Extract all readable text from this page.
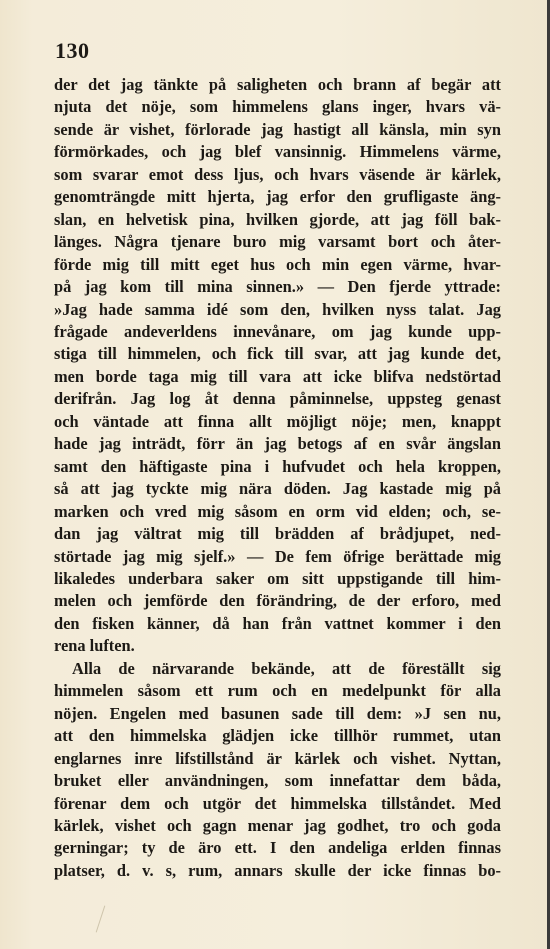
130

der det jag tänkte på saligheten och brann af begär att
njuta det nöje, som himmelens glans inger, hvars vä-
sende är vishet, förlorade jag hastigt all känsla, min syn
förmörkades, och jag blef vansinnig. Himmelens värme,
som svarar emot dess ljus, och hvars väsende är kärlek,
genomträngde mitt hjerta, jag erfor den grufligaste äng-
slan, en helvetisk pina, hvilken gjorde, att jag föll bak-
länges. Några tjenare buro mig varsamt bort och åter-
förde mig till mitt eget hus och min egen värme, hvar-
på jag kom till mina sinnen.» — Den fjerde yttrade:
»Jag hade samma idé som den, hvilken nyss talat. Jag
frågade andeverldens innevånare, om jag kunde upp-
stiga till himmelen, och fick till svar, att jag kunde det,
men borde taga mig till vara att icke blifva nedstörtad
derifrån. Jag log åt denna påminnelse, uppsteg genast
och väntade att finna allt möjligt nöje; men, knappt
hade jag inträdt, förr än jag betogs af en svår ängslan
samt den häftigaste pina i hufvudet och hela kroppen,
så att jag tyckte mig nära döden. Jag kastade mig på
marken och vred mig såsom en orm vid elden; och, se-
dan jag vältrat mig till brädden af brådjupet, ned-
störtade jag mig sjelf.» — De fem öfrige berättade mig
likaledes underbara saker om sitt uppstigande till him-
melen och jemförde den förändring, de der erforo, med
den fisken känner, då han från vattnet kommer i den
rena luften.

Alla de närvarande bekände, att de föreställt sig
himmelen såsom ett rum och en medelpunkt för alla
nöjen. Engelen med basunen sade till dem: »J sen nu,
att den himmelska glädjen icke tillhör rummet, utan
englarnes inre lifstillstånd är kärlek och vishet. Nyttan,
bruket eller användningen, som innefattar dem båda,
förenar dem och utgör det himmelska tillståndet. Med
kärlek, vishet och gagn menar jag godhet, tro och goda
gerningar; ty de äro ett. I den andeliga erlden finnas
platser, d. v. s, rum, annars skulle der icke finnas bo-
